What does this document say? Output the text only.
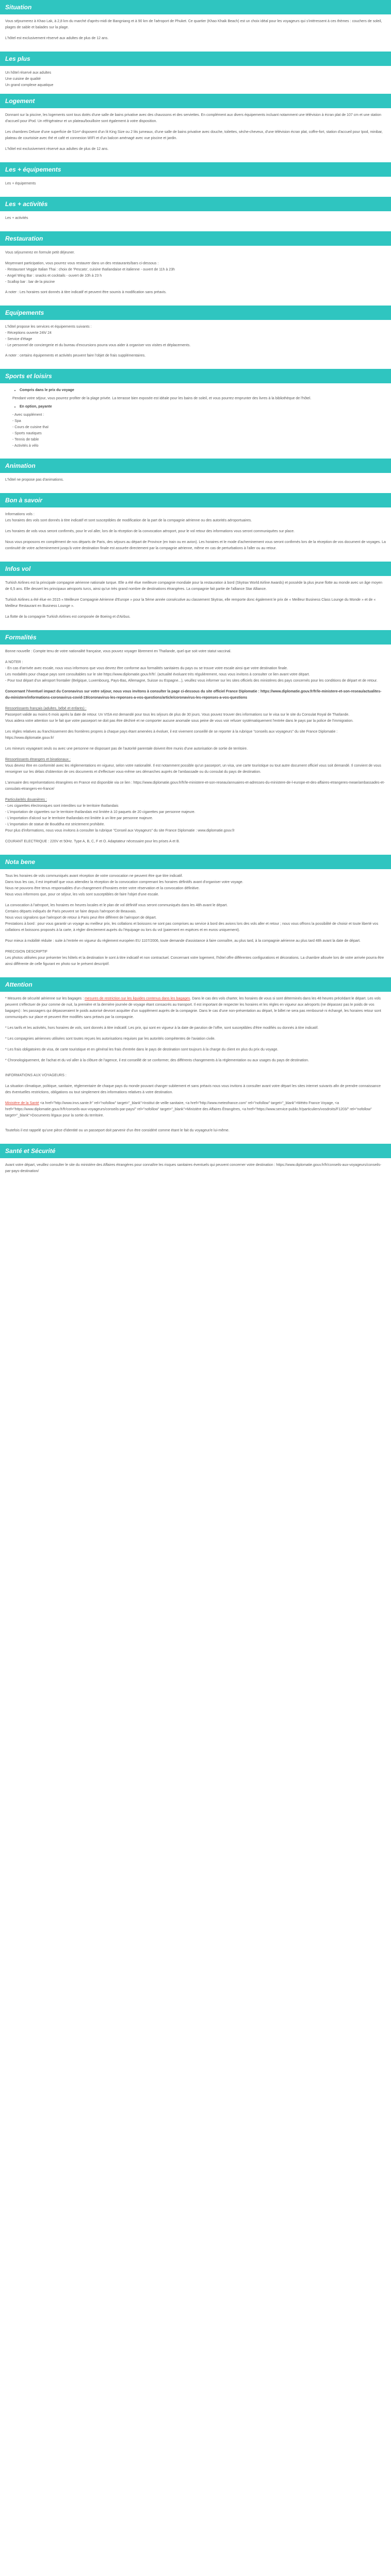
Situation

Vous séjournerez à Khao Lak, à 2,8 km du marché d'après-midi de Bangniang et à 90 km de l'aéroport de Phuket. Ce quartier (Khao Khaik Beach) est un choix idéal pour les voyageurs qui s'intéressent à ces thèmes : couchers de soleil, plages de sable et balades sur la plage.

L'hôtel est exclusivement réservé aux adultes de plus de 12 ans.

Les plus
Un hôtel réservé aux adultes
Une cuisine de qualité
Un grand complexe aquatique
Logement

Donnant sur la piscine, les logements sont tous dotés d'une salle de bains privative avec des chaussons et des serviettes. En complément aux divers équipements incluant notamment une télévision à écran plat de 107 cm et une station d'accueil pour iPod. Un réfrigérateur et un plateau/bouilloire sont également à votre disposition.

Les chambres Deluxe d'une superficie de 51m² disposent d'un lit King Size ou 2 lits jumeaux, d'une salle de bains privative avec douche, toilettes, sèche-cheveux, d'une télévision écran plat, coffre-fort, station d'accueil pour Ipod, minibar, plateau de courtoisie avec thé et café et connexion WIFI et d'un balcon aménagé avec vue piscine et jardin.

L'hôtel est exclusivement réservé aux adultes de plus de 12 ans.

Les + équipements

Les + équipements

Les + activités

Les + activités

Restauration

Vous séjournerez en formule petit déjeuner.

Moyennant participation, vous pourrez vous restaurer dans un des restaurants/bars ci-dessous :
- Restaurant Veggie Italian Thai : choix de 'Pescato', cuisine thaïlandaise et italienne - ouvert de 11h à 23h
- Angel Wing Bar : snacks et cocktails - ouvert de 10h à 23 h
- Scallop bar : bar de la piscine

A noter : Les horaires sont donnés à titre indicatif et peuvent être soumis à modification sans préavis.

Equipements
L'hôtel propose les services et équipements suivants :
- Réceptions ouverte 24h/ 24
- Service d'étage
- Le personnel de conciergerie et du bureau d'excursions pourra vous aider à organiser vos visites et déplacements.

A noter : certains équipements et activités peuvent faire l'objet de frais supplémentaires.

Sports et loisirs
• Compris dans le prix du voyage

Pendant votre séjour, vous pourrez profiter de la plage privée. La terrasse bien exposée est idéale pour les bains de soleil, et vous pourrez emprunter des livres à la bibliothèque de l'hôtel.

• En option, payante
- Avec supplément :
- Spa
- Cours de cuisine thaï
- Sports nautiques
- Tennis de table
- Activités à vélo
Animation

L'hôtel ne propose pas d'animations.

Bon à savoir
Informations vols :

Les horaires des vols sont donnés à titre indicatif et sont susceptibles de modification de la part de la compagnie aérienne ou des autorités aéroportuaires.

Les horaires de vols vous seront confirmés, pour le vol aller, lors de la réception de la convocation aéroport, pour le vol retour des informations vous seront communiquées sur place.

Nous vous proposons en complément de nos départs de Paris, des séjours au départ de Province (en train ou en avion). Les horaires et le mode d'acheminement vous seront confirmés lors de la réception de vos document de voyages. La continuité de votre acheminement jusqu'à votre destination finale est assurée directement par la compagnie aérienne, même en cas de perturbations à l'aller ou au retour.

Infos vol

Turkish Airlines est la principale compagnie aérienne nationale turque. Elle a été élue meilleure compagnie mondiale pour la restauration à bord (Skytrax World Airline Awards) et possède la plus jeune flotte au monde avec un âge moyen de 6,5 ans. Elle dessert les principaux aéroports turcs, ainsi qu'un très grand nombre de destinations étrangères. La compagnie fait partie de l'alliance Star Alliance.

Turkish Airlines a été élue en 2015 « Meilleure Compagnie Aérienne d'Europe » pour la 5ème année consécutive au classement Skytrax, elle remporte donc également le prix de « Meilleur Business Class Lounge du Monde » et de « Meilleur Restaurant en Business Lounge ».

La flotte de la compagnie Turkish Airlines est composée de Boeing et d'Airbus.

Formalités

Bonne nouvelle : Compte tenu de votre nationalité française, vous pouvez voyager librement en Thaïlande, quel que soit votre statut vaccinal.

A NOTER :
- En cas d'arrivée avec escale, nous vous informons que vous devrez être conforme aux formalités sanitaires du pays ou se trouve votre escale ainsi que votre destination finale.
Les modalités pour chaque pays sont consultables sur le site https://www.diplomatie.gouv.fr/fr/. (actualité évoluant très régulièrement, nous vous invitons à consulter ce lien avant votre départ.

- Pour tout départ d'un aéroport frontalier (Belgique, Luxembourg, Pays-Bas, Allemagne, Suisse ou Espagne...), veuillez vous informer sur les sites officiels des ministères des pays concernés pour les conditions de départ et de retour.

Concernant l'éventuel impact du Coronavirus sur votre séjour, nous vous invitons à consulter la page ci-dessous du site officiel France Diplomatie : https://www.diplomatie.gouv.fr/fr/le-ministere-et-son-reseau/actualites-du-ministere/informations-coronavirus-covid-19/coronavirus-les-reponses-a-vos-questions/article/coronavirus-les-reponses-a-vos-questions

Ressortissants français (adultes, bébé et enfants) :
Passeport valide au moins 6 mois après la date de retour. Un VISA est demandé pour tous les séjours de plus de 30 jours. Vous pouvez trouver des informations sur le visa sur le site du Consulat Royal de Thaïlande.

Vous aidera votre attention sur le fait que votre passeport ne doit pas être déchiré et ne comporter aucune anomalie sous peine de vous voir refuser systématiquement l'entrée dans le pays par la police de l'immigration.

Les règles relatives au franchissement des frontières propres à chaque pays étant amenées à évoluer, il est vivement conseillé de se reporter à la rubrique "conseils aux voyageurs" du site France Diplomatie : https://www.diplomatie.gouv.fr/

Les mineurs voyageant seuls ou avec une personne ne disposant pas de l'autorité parentale doivent être munis d'une autorisation de sortie de territoire.

Ressortissants étrangers et binationaux :

Vous devrez être en conformité avec les réglementations en vigueur, selon votre nationalité. Il est notamment possible qu'un passeport, un visa, une carte touristique ou tout autre document officiel vous soit demandé. Il convient de vous renseigner sur les délais d'obtention de ces documents et d'effectuer vous-même ses démarches auprès de l'ambassade ou du consulat du pays de destination.

L'annuaire des représentations étrangères en France est disponible via ce lien : https://www.diplomatie.gouv.fr/fr/le-ministere-et-son-reseau/annuaires-et-adresses-du-ministere-de-l-europe-et-des-affaires-etrangeres-meae/ambassades-et-consulats-etrangers-en-france/

Particularités douanières :
- Les cigarettes électroniques sont interdites sur le territoire thaïlandais
- L'importation de cigarettes sur le territoire thaïlandais est limitée à 10 paquets de 20 cigarettes par personne majeure.
- L'importation d'alcool sur le territoire thaïlandais est limitée à un litre par personne majeure.
- L'importation de statue de Bouddha est strictement prohibée.

Pour plus d'informations, nous vous invitons à consulter la rubrique "Conseil aux Voyageurs" du site France Diplomatie : www.diplomatie.gouv.fr

COURANT ELECTRIQUE : 220V et 50Hz. Type A, B, C, F et O. Adaptateur nécessaire pour les prises A et B.

Nota bene
Tous les horaires de vols communiqués avant réception de votre convocation ne peuvent être que titre indicatif.
Dans tous les cas, il est impératif que vous attendiez la réception de la convocation comprenant les horaires définitifs avant d'organiser votre voyage.
Nous ne pouvons être tenus responsables d'un changement d'horaires entre votre réservation et la convocation définitive.

Nous vous informons que, pour ce séjour, les vols sont susceptibles de faire l'objet d'une escale.

La convocation à l'aéroport, les horaires en heures locales et le plan de vol définitif vous seront communiqués dans les 48h avant le départ.
Certains départs indiqués de Paris peuvent se faire depuis l'aéroport de Beauvais.
Nous vous signalons que l'aéroport de retour à Paris peut être différent de l'aéroport de départ.

Prestations à bord : pour vous garantir un voyage au meilleur prix, les collations et boissons ne sont pas comprises au service à bord des avions lors des vols aller et retour ; nous vous offrons la possibilité de choisir et toute liberté vos collations et boissons proposés à la carte, à régler directement auprès du l'équipage ou lors du vol (paiement en espèces et en euros uniquement).

Pour mieux à mobilité réduite : suite à l'entrée en vigueur du règlement européen EU 1107/2006, toute demande d'assistance à faire connaître, au plus tard, à la compagnie aérienne au plus tard 48h avant la date de départ.

PRECISION DESCRIPTIF

Les photos utilisées pour présenter les hôtels et la destination le sont à titre indicatif et non contractuel. Concernant votre logement, l'hôtel offre différentes configurations et décorations. La chambre allouée lors de votre arrivée pourra être ainsi différente de celle figurant en photo sur le présent descriptif.

Attention

* Mesures de sécurité aérienne sur les bagages : mesures de restriction sur les liquides contenus dans les bagages. Dans le cas des vols charter, les horaires de vous si sont déterminés dans les 48 heures précédant le départ. Les vols peuvent s'effectuer de jour comme de nuit, la première et la dernière journée de voyage étant consacrés au transport. Il est important de respecter les horaires et les règles en vigueur aux aéroports (ne dépassez pas le poids de vos bagages) : les passagers qui dépasseraient le poids autorisé devront acquitter d'un supplément auprès de la compagnie. Dans le cas d'une non-présentation au départ, le billet ne sera pas remboursé ni échangé, les horaires retour sont communiqués sur place et peuvent être modifiés sans préavis par la compagnie.

* Les tarifs et les activités, hors horaires de vols, sont donnés à titre indicatif. Les prix, qui sont en vigueur à la date de parution de l'offre, sont susceptibles d'être modifiés ou donnés à titre indicatif.

* Les compagnies aériennes utilisées sont toutes reçues les autorisations requises par les autorités compétentes de l'aviation civile.

* Les frais obligatoires de visa, de carte touristique et en général les frais d'entrée dans le pays de destination sont toujours à la charge du client en plus du prix du voyage.

* Chronologiquement, de l'achat et du vol aller à la clôture de l'agence, il est conseillé de se conformer, des différents changements à la réglementation ou aux usages du pays de destination.

INFORMATIONS AUX VOYAGEURS :

La situation climatique, politique, sanitaire, réglementaire de chaque pays du monde pouvant changer subitement et sans préavis nous vous invitons à consulter avant votre départ les sites internet suivants afin de prendre connaissance des éventuelles restrictions, obligations ou tout simplement des informations relatives à votre destination.

Ministère de la Santé <a href="http://www.invs.sante.fr" rel="nofollow" target="_blank">Institut de veille sanitaire, <a href="http://www.meteofrance.com" rel="nofollow" target="_blank">Météo France Voyage, <a href="https://www.diplomatie.gouv.fr/fr/conseils-aux-voyageurs/conseils-par-pays/" rel="nofollow" target="_blank">Ministère des Affaires Étrangères, <a href="https://www.service-public.fr/particuliers/vosdroits/F1203/" rel="nofollow" target="_blank">Documents légaux pour la sortie du territoire.

Toutefois il est rappelé qu'une pièce d'identité ou un passeport doit parvenir d'un être considéré comme étant le fait du voyageur/e lui-même.

Santé et Sécurité

Avant votre départ, veuillez consulter le site du ministère des Affaires étrangères pour connaître les risques sanitaires éventuels qui peuvent concerner votre destination : https://www.diplomatie.gouv.fr/fr/conseils-aux-voyageurs/conseils-par-pays-destination/
